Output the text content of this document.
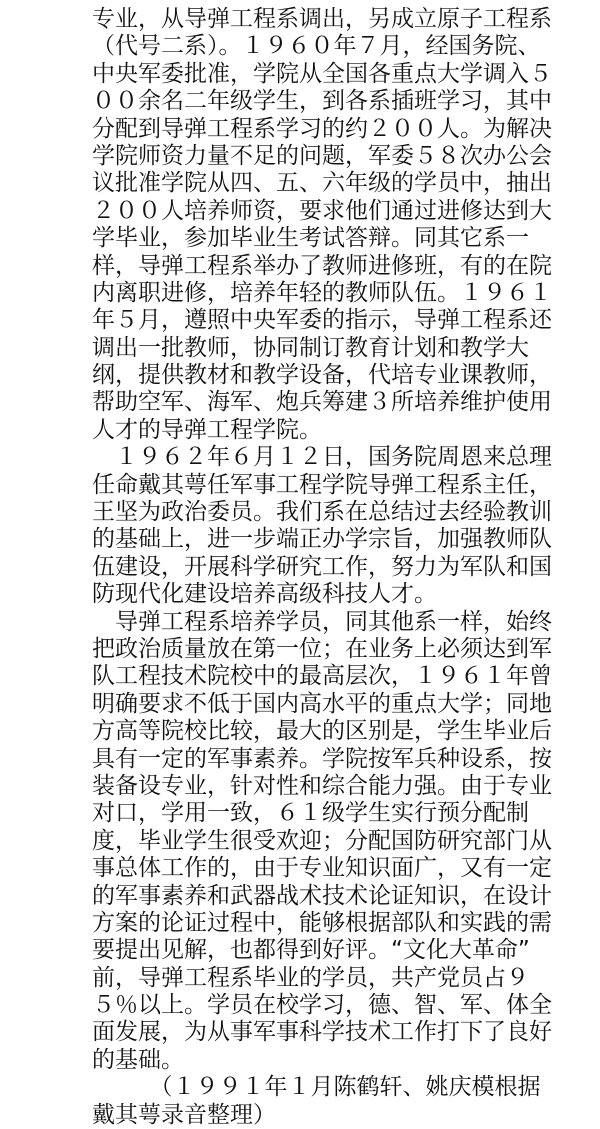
专业，从导弹工程系调出，另成立原子工程系
（代号二系）。１９６０年７月，经国务院、
中央军委批准，学院从全国各重点大学调入５
００余名二年级学生，到各系插班学习，其中
分配到导弹工程系学习的约２００人。为解决
学院师资力量不足的问题，军委５８次办公会
议批准学院从四、五、六年级的学员中，抽出
２００人培养师资，要求他们通过进修达到大
学毕业，参加毕业生考试答辩。同其它系一
样，导弹工程系举办了教师进修班，有的在院
内离职进修，培养年轻的教师队伍。１９６１
年５月，遵照中央军委的指示，导弹工程系还
调出一批教师，协同制订教育计划和教学大
纲，提供教材和教学设备，代培专业课教师，
帮助空军、海军、炮兵筹建３所培养维护使用
人才的导弹工程学院。
　１９６２年６月１２日，国务院周恩来总理
任命戴其萼任军事工程学院导弹工程系主任，
王坚为政治委员。我们系在总结过去经验教训
的基础上，进一步端正办学宗旨，加强教师队
伍建设，开展科学研究工作，努力为军队和国
防现代化建设培养高级科技人才。
　导弹工程系培养学员，同其他系一样，始终
把政治质量放在第一位；在业务上必须达到军
队工程技术院校中的最高层次，１９６１年曾
明确要求不低于国内高水平的重点大学；同地
方高等院校比较，最大的区别是，学生毕业后
具有一定的军事素养。学院按军兵种设系，按
装备设专业，针对性和综合能力强。由于专业
对口，学用一致，６１级学生实行预分配制
度，毕业学生很受欢迎；分配国防研究部门从
事总体工作的，由于专业知识面广，又有一定
的军事素养和武器战术技术论证知识，在设计
方案的论证过程中，能够根据部队和实践的需
要提出见解，也都得到好评。“文化大革命”
前，导弹工程系毕业的学员，共产党员占９
５％以上。学员在校学习，德、智、军、体全
面发展，为从事军事科学技术工作打下了良好
的基础。
　　　（１９９１年１月陈鹤轩、姚庆模根据
戴其萼录音整理）
